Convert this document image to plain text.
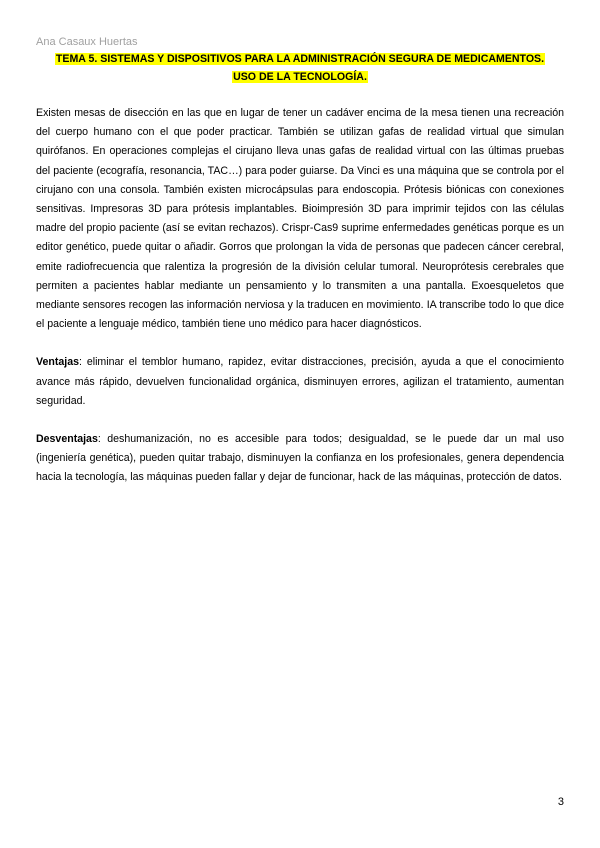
Ana Casaux Huertas
TEMA 5. SISTEMAS Y DISPOSITIVOS PARA LA ADMINISTRACIÓN SEGURA DE MEDICAMENTOS.
USO DE LA TECNOLOGÍA.

Existen mesas de disección en las que en lugar de tener un cadáver encima de la mesa tienen una recreación del cuerpo humano con el que poder practicar. También se utilizan gafas de realidad virtual que simulan quirófanos. En operaciones complejas el cirujano lleva unas gafas de realidad virtual con las últimas pruebas del paciente (ecografía, resonancia, TAC…) para poder guiarse. Da Vinci es una máquina que se controla por el cirujano con una consola. También existen microcápsulas para endoscopia. Prótesis biónicas con conexiones sensitivas. Impresoras 3D para prótesis implantables. Bioimpresión 3D para imprimir tejidos con las células madre del propio paciente (así se evitan rechazos). Crispr-Cas9 suprime enfermedades genéticas porque es un editor genético, puede quitar o añadir. Gorros que prolongan la vida de personas que padecen cáncer cerebral, emite radiofrecuencia que ralentiza la progresión de la división celular tumoral. Neuroprótesis cerebrales que permiten a pacientes hablar mediante un pensamiento y lo transmiten a una pantalla. Exoesqueletos que mediante sensores recogen las información nerviosa y la traducen en movimiento. IA transcribe todo lo que dice el paciente a lenguaje médico, también tiene uno médico para hacer diagnósticos.

Ventajas: eliminar el temblor humano, rapidez, evitar distracciones, precisión, ayuda a que el conocimiento avance más rápido, devuelven funcionalidad orgánica, disminuyen errores, agilizan el tratamiento, aumentan seguridad.

Desventajas: deshumanización, no es accesible para todos; desigualdad, se le puede dar un mal uso (ingeniería genética), pueden quitar trabajo, disminuyen la confianza en los profesionales, genera dependencia hacia la tecnología, las máquinas pueden fallar y dejar de funcionar, hack de las máquinas, protección de datos.

3
